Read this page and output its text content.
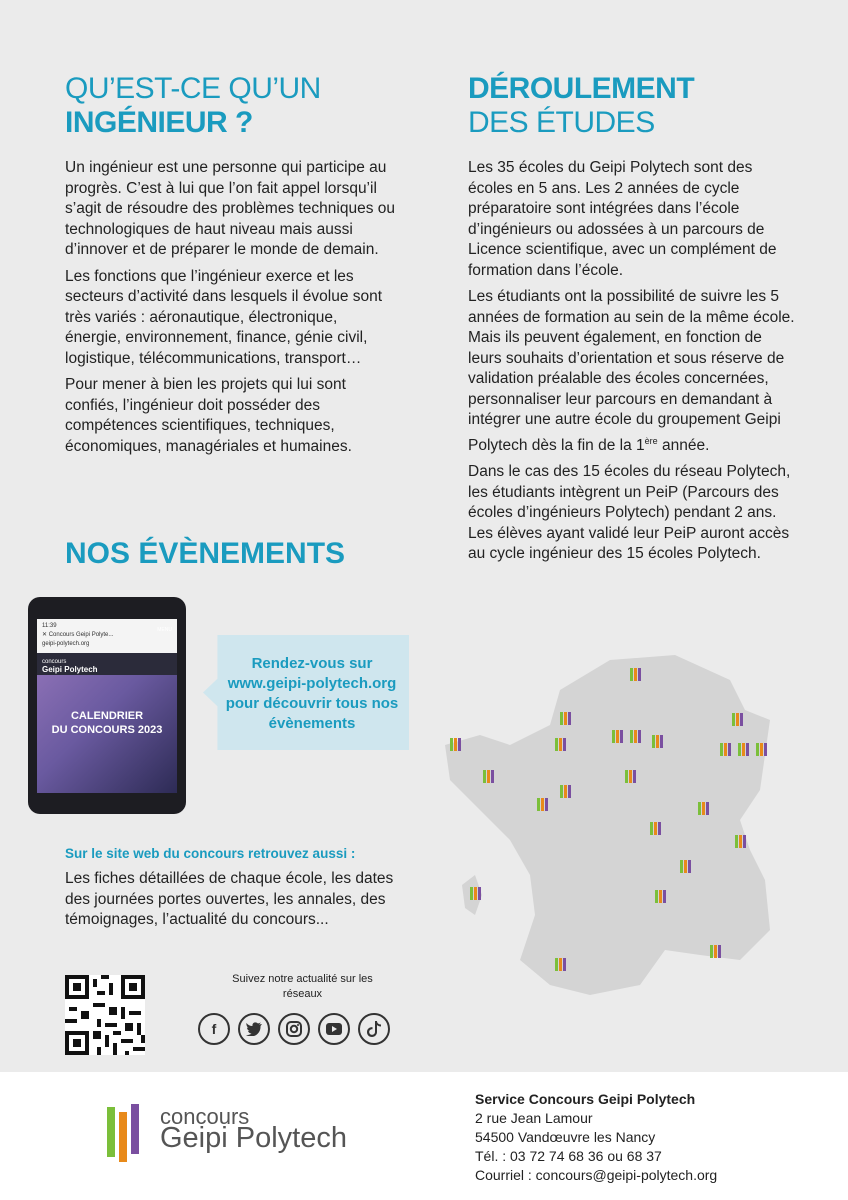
QU’EST-CE QU’UN
INGÉNIEUR ?

Un ingénieur est une personne qui participe au progrès. C’est à lui que l’on fait appel lorsqu’il s’agit de résoudre des problèmes techniques ou technologiques de haut niveau mais aussi d’innover et de préparer le monde de demain.

Les fonctions que l’ingénieur exerce et les secteurs d’activité dans lesquels il évolue sont très variés : aéronautique, électronique, énergie, environnement, finance, génie civil, logistique, télécommunications, transport…

Pour mener à bien les projets qui lui sont confiés, l’ingénieur doit posséder des compétences scientifiques, techniques, économiques, managériales et humaines.

DÉROULEMENT
DES ÉTUDES

Les 35 écoles du Geipi Polytech sont des écoles en 5 ans. Les 2 années de cycle préparatoire sont intégrées dans l’école d’ingénieurs ou adossées à un parcours de Licence scientifique, avec un complément de formation dans l’école.

Les étudiants ont la possibilité de suivre les 5 années de formation au sein de la même école. Mais ils peuvent également, en fonction de leurs souhaits d’orientation et sous réserve de validation préalable des écoles concernées, personnaliser leur parcours en demandant à intégrer une autre école du groupement Geipi Polytech dès la fin de la 1ère année.

Dans le cas des 15 écoles du réseau Polytech, les étudiants intègrent un PeiP (Parcours des écoles d’ingénieurs Polytech) pendant 2 ans. Les élèves ayant validé leur PeiP auront accès au cycle ingénieur des 15 écoles Polytech.

NOS ÉVÈNEMENTS
11:39
✕ Concours Geipi Polyte...
geipi-polytech.org
concours
Geipi Polytech
MENU
CALENDRIER
DU CONCOURS 2023
Rendez-vous sur www.geipi-polytech.org pour découvrir tous nos évènements
Sur le site web du concours retrouvez aussi :

Les fiches détaillées de chaque école, les dates des journées portes ouvertes, les annales, des témoignages, l’actualité du concours...

Suivez notre actualité sur les réseaux
f
concours
Geipi Polytech
Service Concours Geipi Polytech
2 rue Jean Lamour
54500 Vandœuvre les Nancy
Tél. : 03 72 74 68 36 ou 68 37
Courriel : concours@geipi-polytech.org
